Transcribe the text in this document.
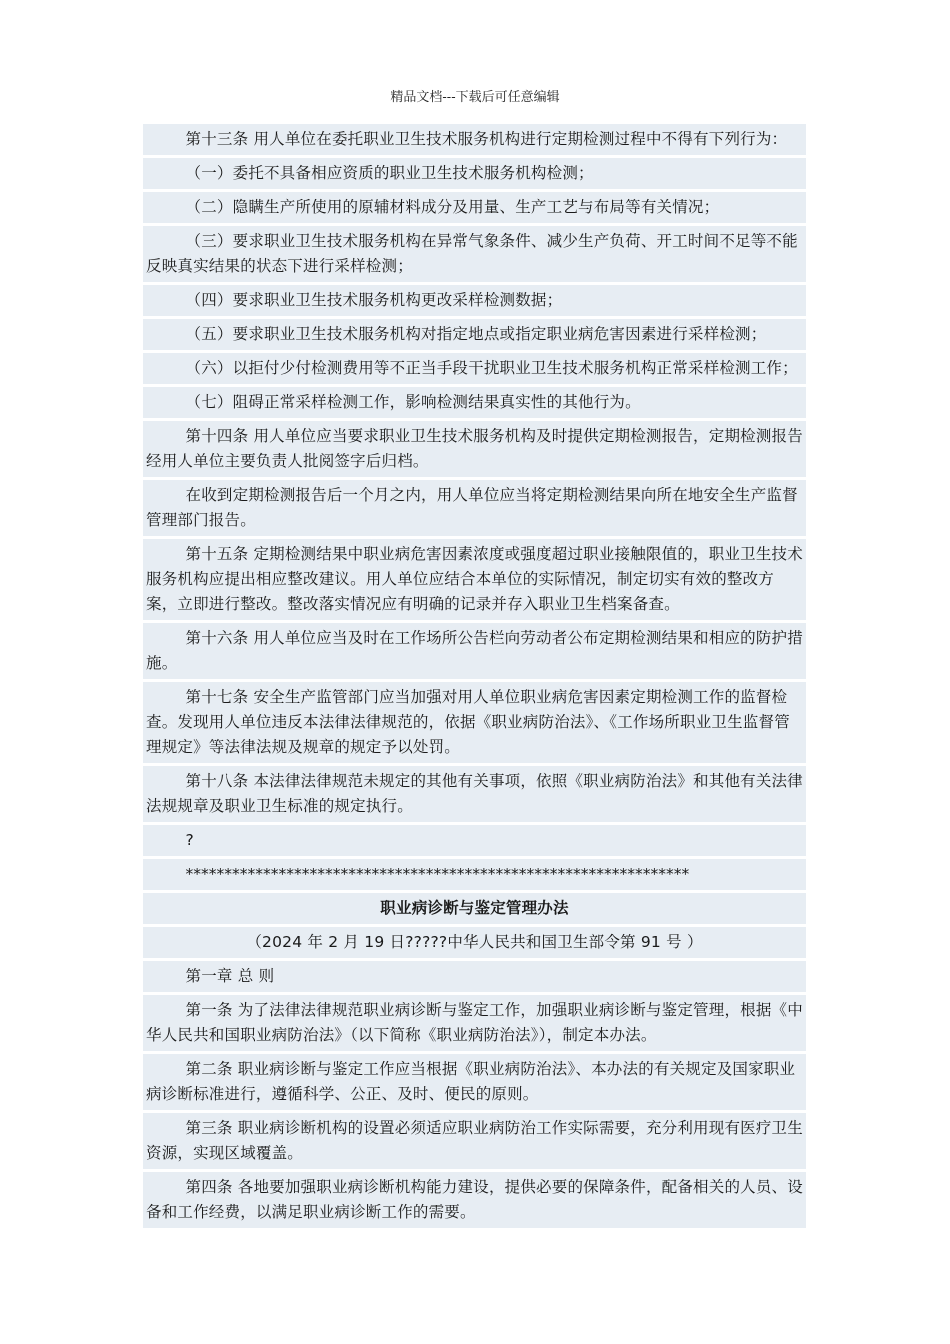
精品文档---下载后可任意编辑

第十三条 用人单位在委托职业卫生技术服务机构进行定期检测过程中不得有下列行为：

（一）委托不具备相应资质的职业卫生技术服务机构检测；

（二）隐瞒生产所使用的原辅材料成分及用量、生产工艺与布局等有关情况；

（三）要求职业卫生技术服务机构在异常气象条件、减少生产负荷、开工时间不足等不能反映真实结果的状态下进行采样检测；

（四）要求职业卫生技术服务机构更改采样检测数据；

（五）要求职业卫生技术服务机构对指定地点或指定职业病危害因素进行采样检测；

（六）以拒付少付检测费用等不正当手段干扰职业卫生技术服务机构正常采样检测工作；

（七）阻碍正常采样检测工作，影响检测结果真实性的其他行为。

第十四条 用人单位应当要求职业卫生技术服务机构及时提供定期检测报告，定期检测报告经用人单位主要负责人批阅签字后归档。

在收到定期检测报告后一个月之内，用人单位应当将定期检测结果向所在地安全生产监督管理部门报告。

第十五条 定期检测结果中职业病危害因素浓度或强度超过职业接触限值的，职业卫生技术服务机构应提出相应整改建议。用人单位应结合本单位的实际情况，制定切实有效的整改方案，立即进行整改。整改落实情况应有明确的记录并存入职业卫生档案备查。

第十六条 用人单位应当及时在工作场所公告栏向劳动者公布定期检测结果和相应的防护措施。

第十七条 安全生产监管部门应当加强对用人单位职业病危害因素定期检测工作的监督检查。发现用人单位违反本法律法律规范的，依据《职业病防治法》、《工作场所职业卫生监督管理规定》等法律法规及规章的规定予以处罚。

第十八条 本法律法律规范未规定的其他有关事项，依照《职业病防治法》和其他有关法律法规规章及职业卫生标准的规定执行。

?

*****************************************************************

职业病诊断与鉴定管理办法

（2024 年 2 月 19 日?????中华人民共和国卫生部令第 91 号 ）

第一章 总 则

第一条 为了法律法律规范职业病诊断与鉴定工作，加强职业病诊断与鉴定管理，根据《中华人民共和国职业病防治法》（以下简称《职业病防治法》），制定本办法。

第二条 职业病诊断与鉴定工作应当根据《职业病防治法》、本办法的有关规定及国家职业病诊断标准进行，遵循科学、公正、及时、便民的原则。

第三条 职业病诊断机构的设置必须适应职业病防治工作实际需要，充分利用现有医疗卫生资源，实现区域覆盖。

第四条 各地要加强职业病诊断机构能力建设，提供必要的保障条件，配备相关的人员、设备和工作经费，以满足职业病诊断工作的需要。
